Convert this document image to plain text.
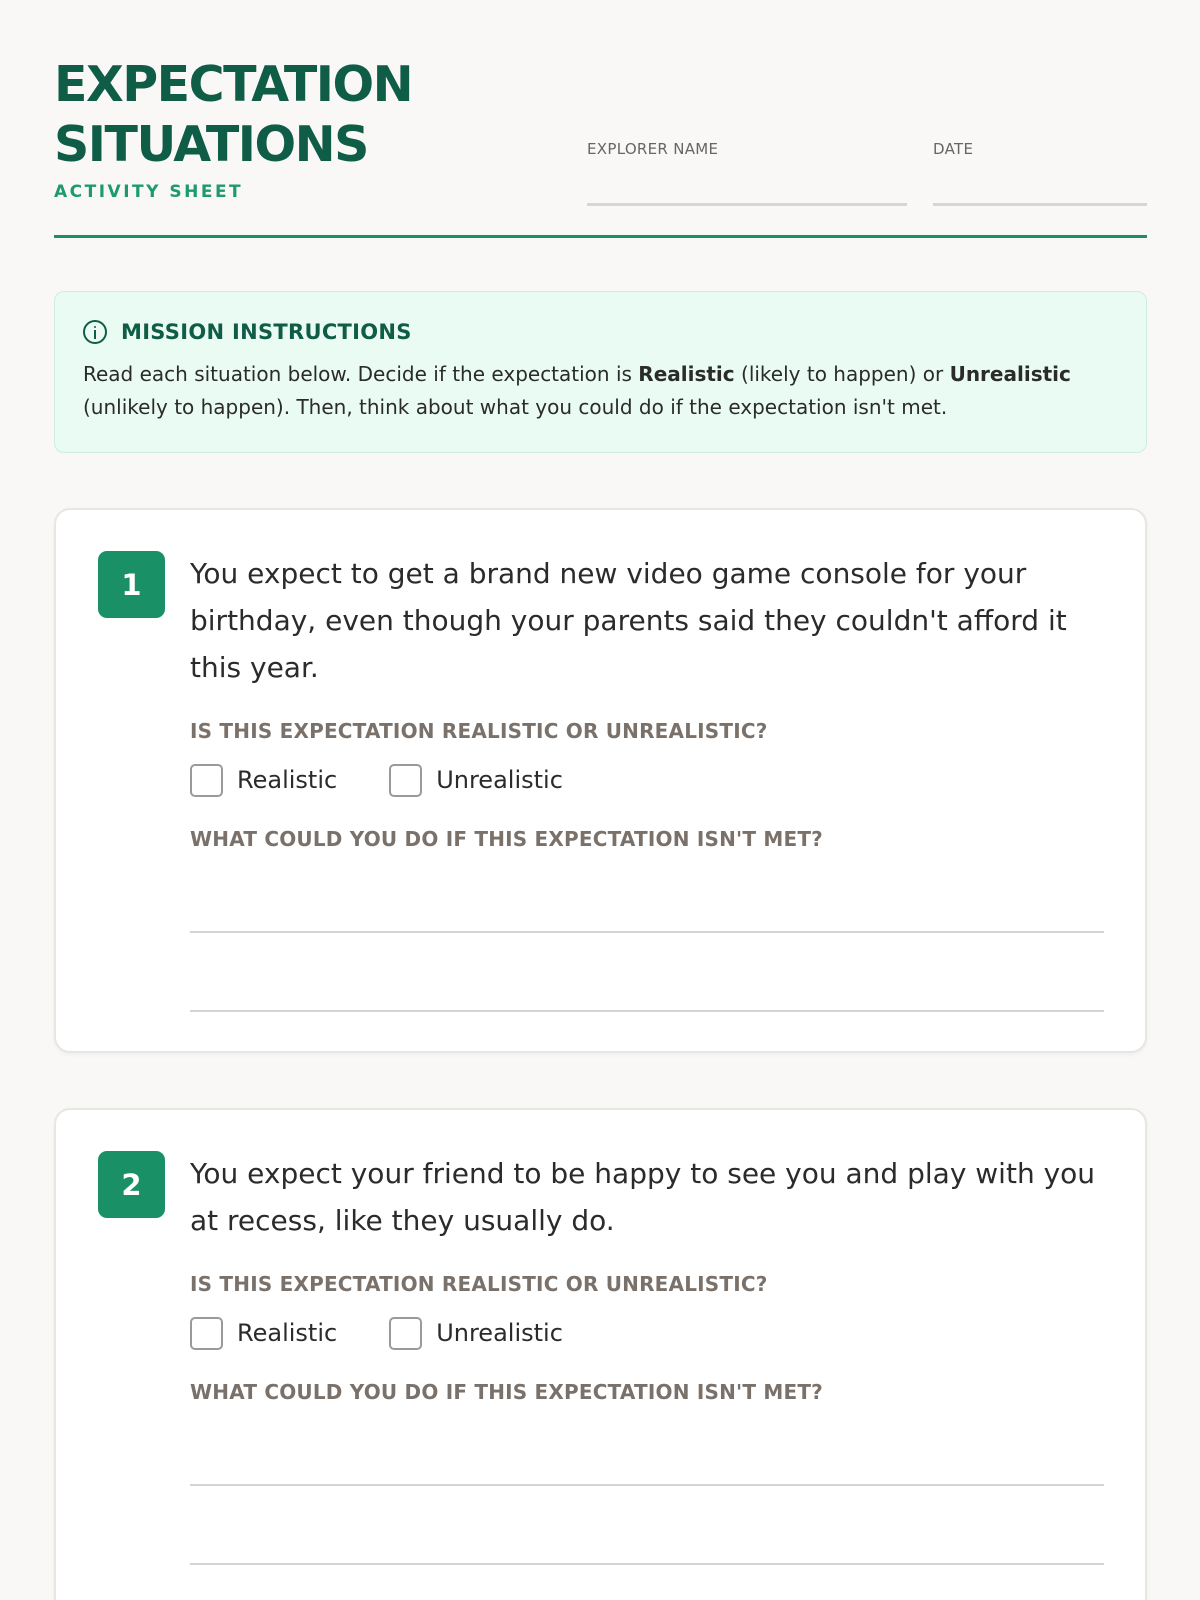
EXPECTATION SITUATIONS
ACTIVITY SHEET
EXPLORER NAME	DATE
MISSION INSTRUCTIONS

Read each situation below. Decide if the expectation is Realistic (likely to happen) or Unrealistic (unlikely to happen). Then, think about what you could do if the expectation isn't met.

1	You expect to get a brand new video game console for your birthday, even though your parents said they couldn't afford it this year.

IS THIS EXPECTATION REALISTIC OR UNREALISTIC?
Realistic	Unrealistic
WHAT COULD YOU DO IF THIS EXPECTATION ISN'T MET?
2	You expect your friend to be happy to see you and play with you at recess, like they usually do.

IS THIS EXPECTATION REALISTIC OR UNREALISTIC?
Realistic	Unrealistic
WHAT COULD YOU DO IF THIS EXPECTATION ISN'T MET?
